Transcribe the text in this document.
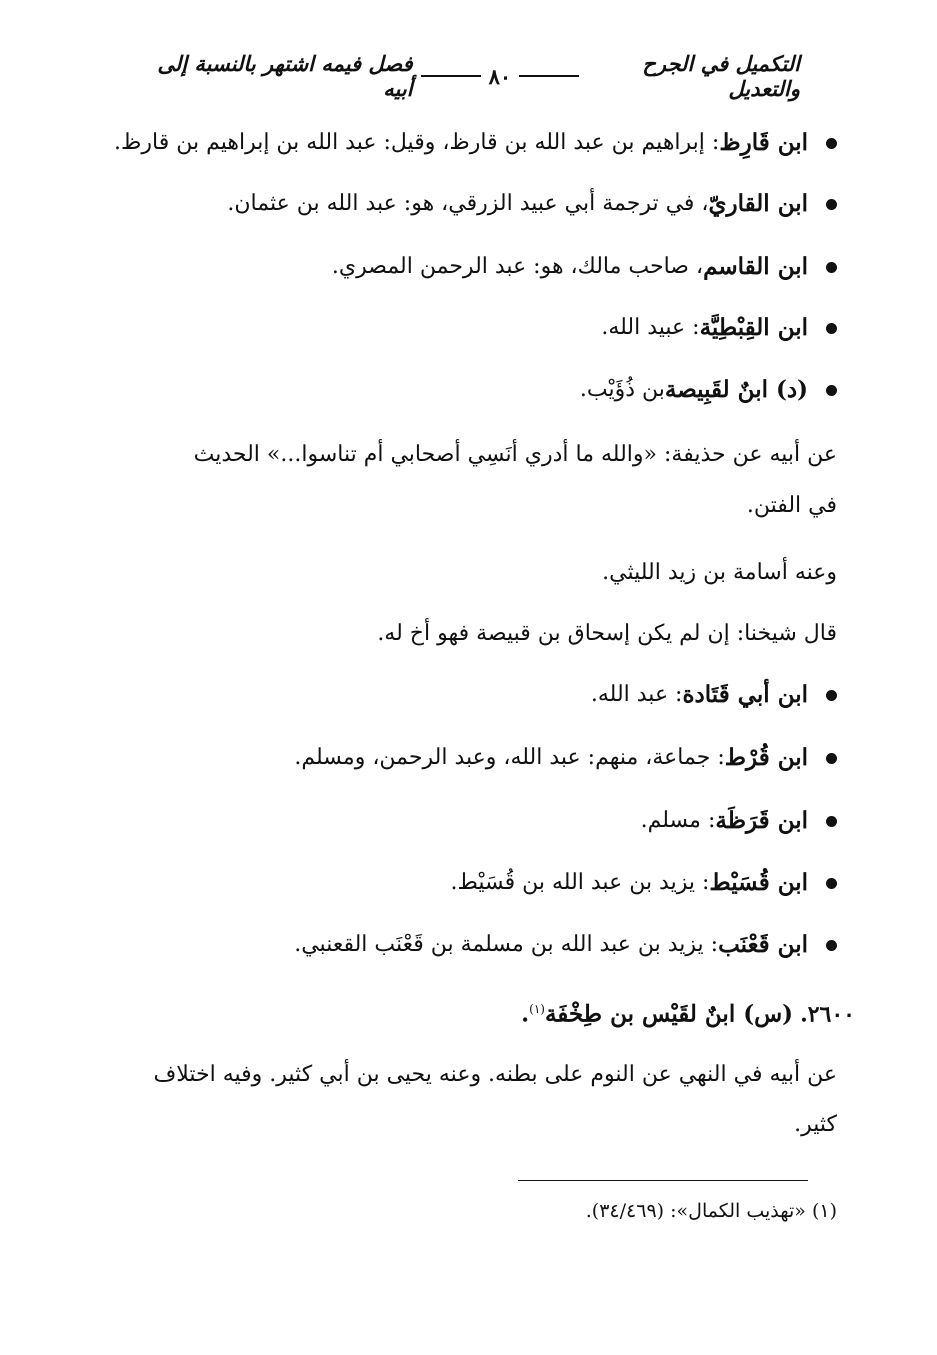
التكميل في الجرح والتعديل
٨٠
فصل فيمه اشتهر بالنسبة إلى أبيه
ابن قَارِظ
: إبراهيم بن عبد الله بن قارظ، وقيل: عبد الله بن إبراهيم بن قارظ.
ابن القاريّ
، في ترجمة أبي عبيد الزرقي، هو: عبد الله بن عثمان.
ابن القاسم
، صاحب مالك، هو: عبد الرحمن المصري.
ابن القِبْطِيَّة
: عبيد الله.
(د) ابنٌ لقَبِيصة
بن ذُؤَيْب.
عن أبيه عن حذيفة: «والله ما أدري أنَسِي أصحابي أم تناسوا...» الحديث
في الفتن.
وعنه أسامة بن زيد الليثي.
قال شيخنا: إن لم يكن إسحاق بن قبيصة فهو أخ له.
ابن أبي قَتَادة
: عبد الله.
ابن قُرْط
: جماعة، منهم: عبد الله، وعبد الرحمن، ومسلم.
ابن قَرَظَة
: مسلم.
ابن قُسَيْط
: يزيد بن عبد الله بن قُسَيْط.
ابن قَعْنَب
: يزيد بن عبد الله بن مسلمة بن قَعْنَب القعنبي.
٢٦٠٠. (س) ابنٌ لقَيْس بن طِخْفَة$^{(١)}$.
عن أبيه في النهي عن النوم على بطنه. وعنه يحيى بن أبي كثير. وفيه اختلاف
كثير.
(١) «تهذيب الكمال»: (٣٤/٤٦٩).
